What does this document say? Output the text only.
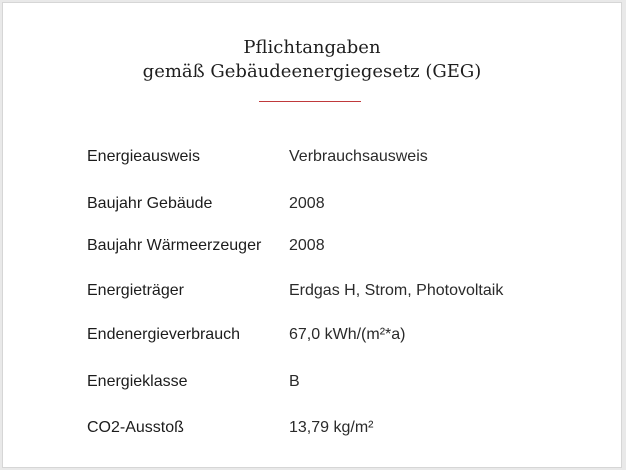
Pflichtangaben
gemäß Gebäudeenergiegesetz (GEG)
Energieausweis	Verbrauchsausweis
Baujahr Gebäude	2008
Baujahr Wärmeerzeuger 2008
Energieträger	Erdgas H, Strom, Photovoltaik
Endenergieverbrauch	67,0 kWh/(m²*a)
Energieklasse	B
CO2-Ausstoß	13,79 kg/m²
